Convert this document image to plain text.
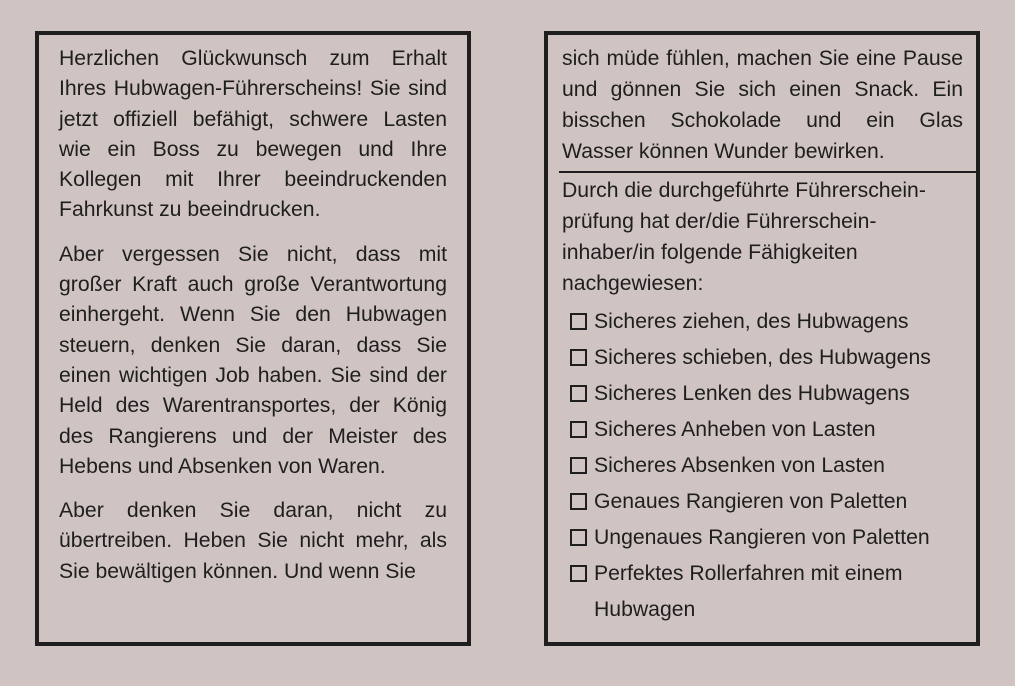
Herzlichen Glückwunsch zum Erhalt Ihres Hubwagen-Führerscheins! Sie sind jetzt offiziell befähigt, schwere Lasten wie ein Boss zu bewegen und Ihre Kollegen mit Ihrer beeindruckenden Fahrkunst zu beeindrucken.

Aber vergessen Sie nicht, dass mit großer Kraft auch große Verantwortung einhergeht. Wenn Sie den Hubwagen steuern, denken Sie daran, dass Sie einen wichtigen Job haben. Sie sind der Held des Warentransportes, der König des Rangierens und der Meister des Hebens und Absenken von Waren.

Aber denken Sie daran, nicht zu übertreiben. Heben Sie nicht mehr, als Sie bewältigen können. Und wenn Sie

sich müde fühlen, machen Sie eine Pause und gönnen Sie sich einen Snack. Ein bisschen Schokolade und ein Glas Wasser können Wunder bewirken.

Durch die durchgeführte Führerschein-prüfung hat der/die Führerschein-inhaber/in folgende Fähigkeiten nachgewiesen:

Sicheres ziehen, des Hubwagens
Sicheres schieben, des Hubwagens
Sicheres Lenken des Hubwagens
Sicheres Anheben von Lasten
Sicheres Absenken von Lasten
Genaues Rangieren von Paletten
Ungenaues Rangieren von Paletten
Perfektes Rollerfahren mit einem Hubwagen
